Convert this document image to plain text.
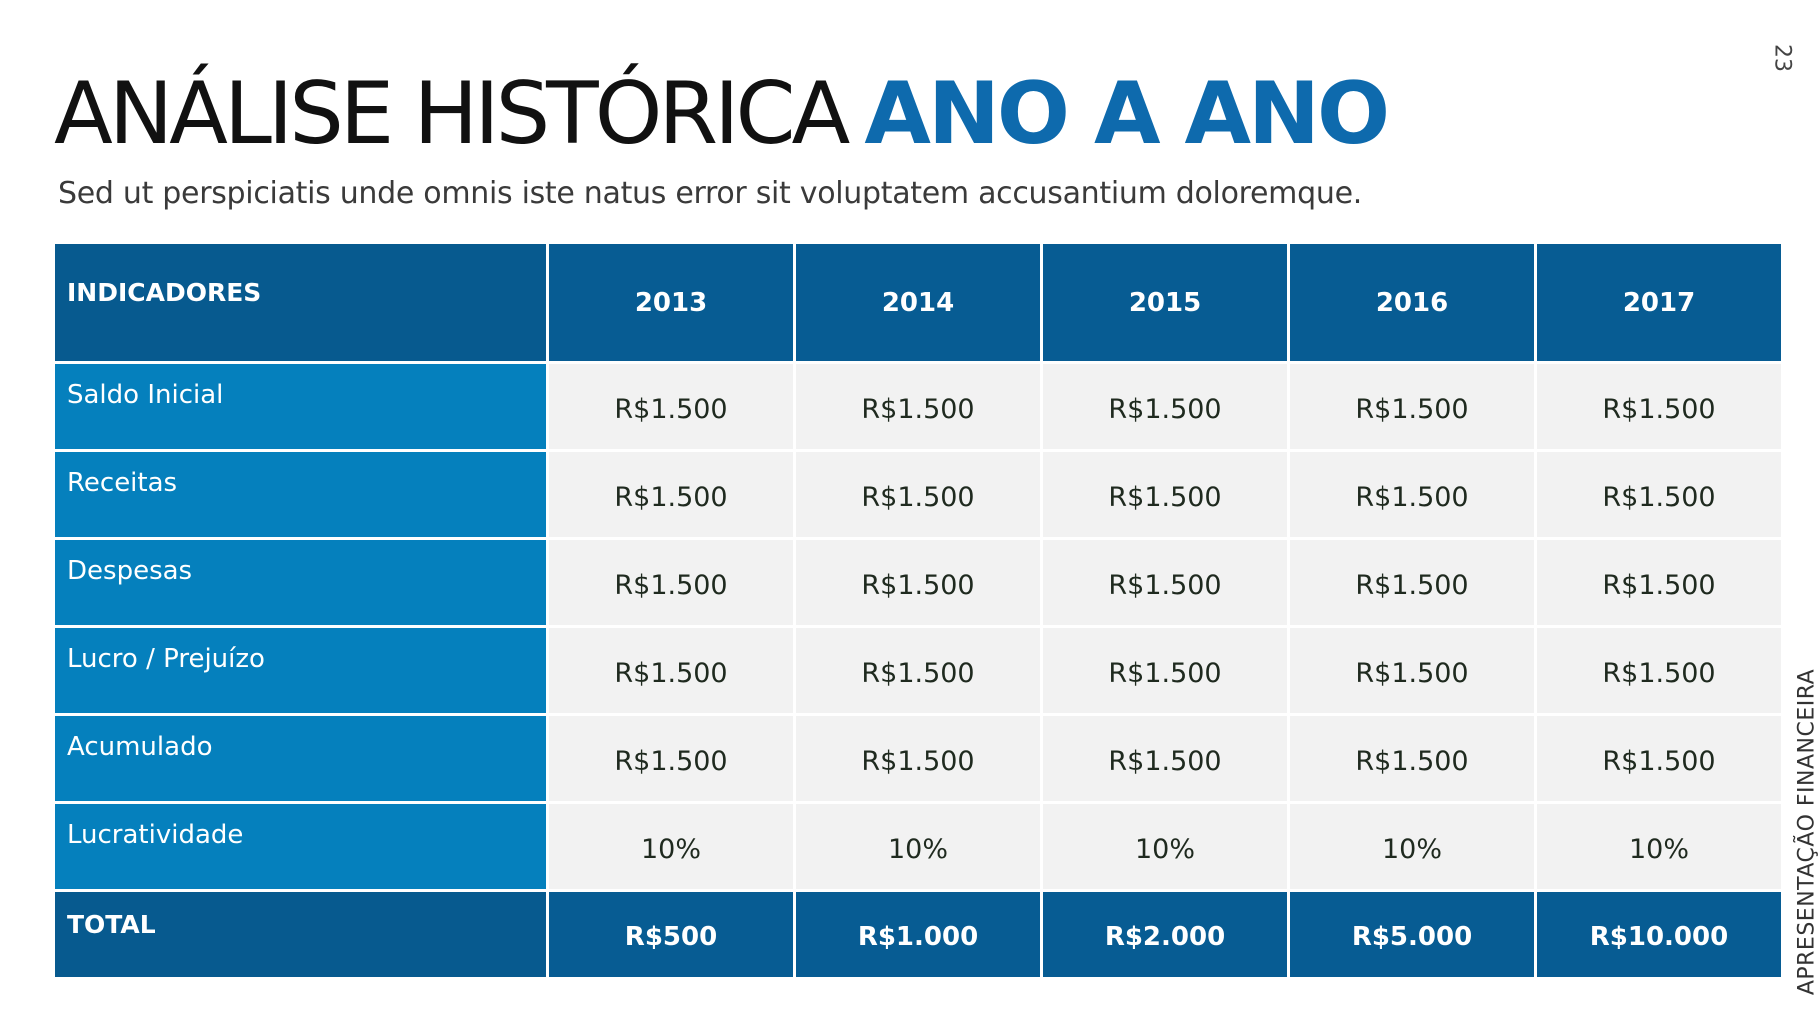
ANÁLISE HISTÓRICA ANO A ANO

Sed ut perspiciatis unde omnis iste natus error sit voluptatem accusantium doloremque.

23
APRESENTAÇÃO FINANCEIRA
INDICADORES	2013	2014	2015	2016	2017
Saldo Inicial	R$1.500	R$1.500	R$1.500	R$1.500	R$1.500
Receitas	R$1.500	R$1.500	R$1.500	R$1.500	R$1.500
Despesas	R$1.500	R$1.500	R$1.500	R$1.500	R$1.500
Lucro / Prejuízo	R$1.500	R$1.500	R$1.500	R$1.500	R$1.500
Acumulado	R$1.500	R$1.500	R$1.500	R$1.500	R$1.500
Lucratividade	10%	10%	10%	10%	10%
TOTAL	R$500	R$1.000	R$2.000	R$5.000	R$10.000
